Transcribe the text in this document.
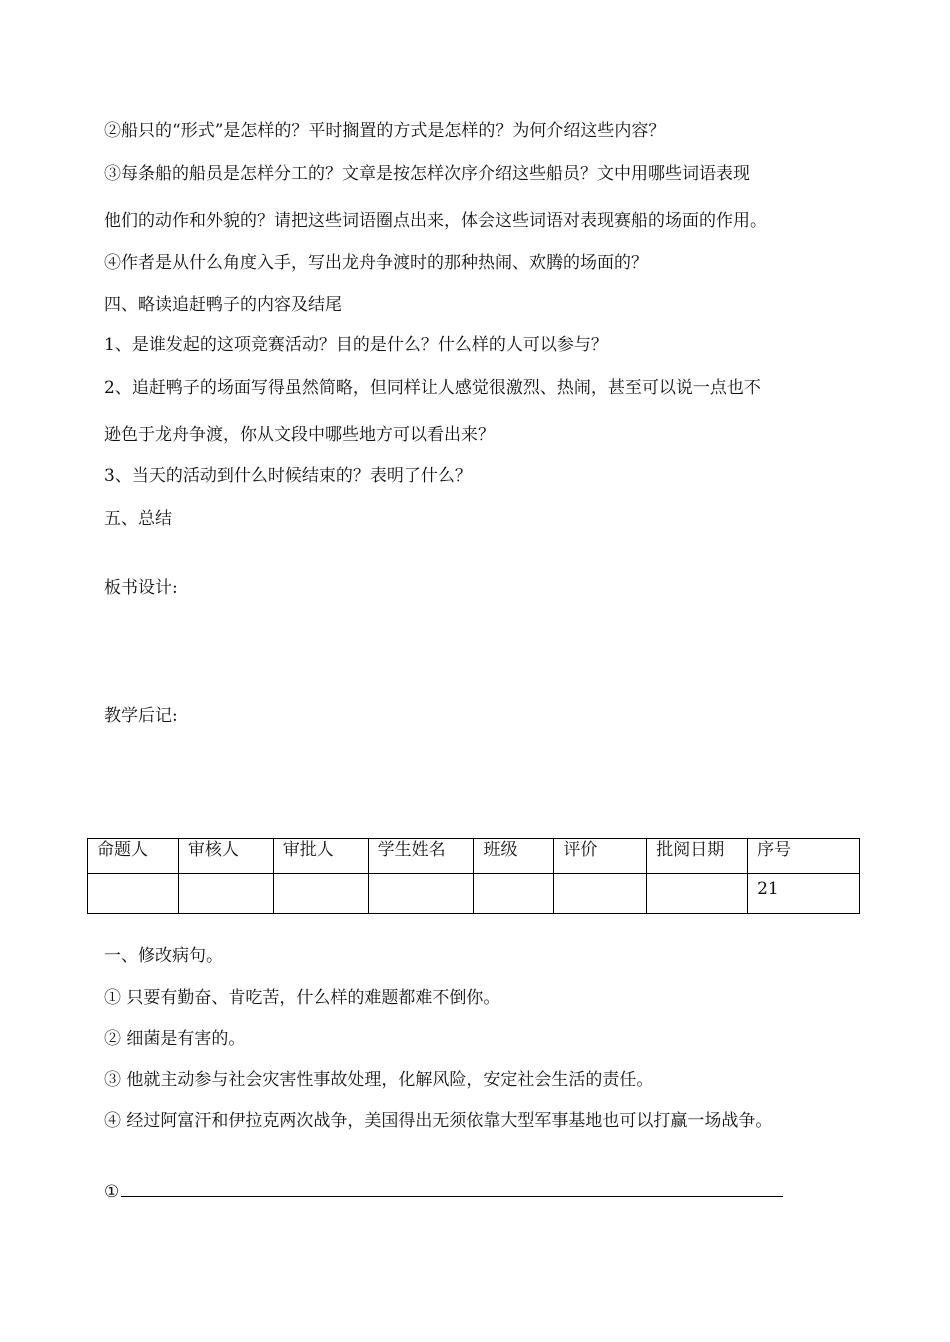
②船只的“形式”是怎样的？平时搁置的方式是怎样的？为何介绍这些内容？
③每条船的船员是怎样分工的？文章是按怎样次序介绍这些船员？文中用哪些词语表现
他们的动作和外貌的？请把这些词语圈点出来，体会这些词语对表现赛船的场面的作用。
④作者是从什么角度入手，写出龙舟争渡时的那种热闹、欢腾的场面的？
四、略读追赶鸭子的内容及结尾
1、是谁发起的这项竞赛活动？目的是什么？什么样的人可以参与？
2、追赶鸭子的场面写得虽然简略，但同样让人感觉很激烈、热闹，甚至可以说一点也不
逊色于龙舟争渡，你从文段中哪些地方可以看出来？
3、当天的活动到什么时候结束的？表明了什么？
五、总结
板书设计:
教学后记:
命题人	审核人	审批人	学生姓名	班级	评价	批阅日期	序号
							21
一、修改病句。
① 只要有勤奋、肯吃苦，什么样的难题都难不倒你。
② 细菌是有害的。
③ 他就主动参与社会灾害性事故处理，化解风险，安定社会生活的责任。
④ 经过阿富汗和伊拉克两次战争，美国得出无须依靠大型军事基地也可以打赢一场战争。
①
